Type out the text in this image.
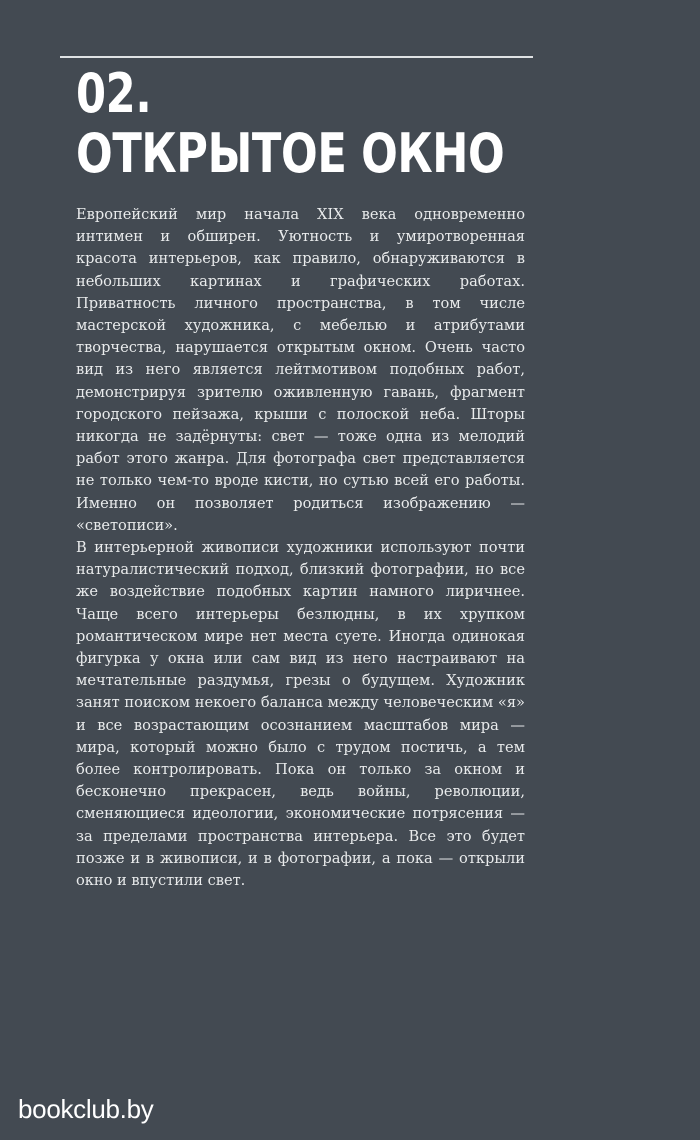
02.
ОТКРЫТОЕ ОКНО

Европейский мир начала XIX века одновременно интимен и обширен. Уютность и умиротворенная красота интерьеров, как правило, обнаруживаются в небольших картинах и графических работах. Приватность личного пространства, в том числе мастерской художника, с мебелью и атрибутами творчества, нарушается открытым окном. Очень часто вид из него является лейтмотивом подобных работ, демонстрируя зрителю оживленную гавань, фрагмент городского пейзажа, крыши с полоской неба. Шторы никогда не задёрнуты: свет — тоже одна из мелодий работ этого жанра. Для фотографа свет представляется не только чем-то вроде кисти, но сутью всей его работы. Именно он позволяет родиться изображению — «светописи».

В интерьерной живописи художники используют почти натуралистический подход, близкий фотографии, но все же воздействие подобных картин намного лиричнее. Чаще всего интерьеры безлюдны, в их хрупком романтическом мире нет места суете. Иногда одинокая фигурка у окна или сам вид из него настраивают на мечтательные раздумья, грезы о будущем. Художник занят поиском некоего баланса между человеческим «я» и все возрастающим осознанием масштабов мира — мира, который можно было с трудом постичь, а тем более контролировать. Пока он только за окном и бесконечно прекрасен, ведь войны, революции, сменяющиеся идеологии, экономические потрясения — за пределами пространства интерьера. Все это будет позже и в живописи, и в фотографии, а пока — открыли окно и впустили свет.

bookclub.by
